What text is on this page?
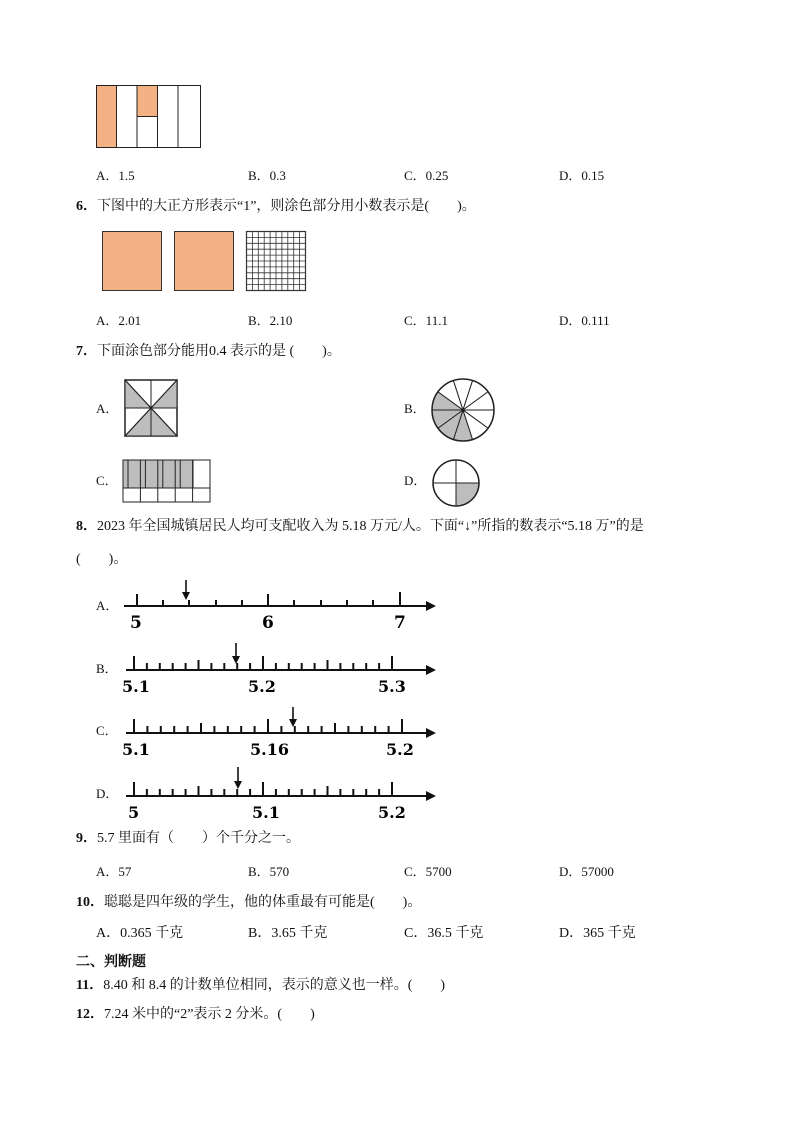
A．1.5	B．0.3	C．0.25	D．0.15
6．下图中的大正方形表示“1”，则涂色部分用小数表示是(　　)。
A．2.01	B．2.10	C．11.1	D．0.111
7．下面涂色部分能用0.4 表示的是 (　　)。
A．	B．
C．	D．
8．2023 年全国城镇居民人均可支配收入为 5.18 万元/人。下面“↓”所指的数表示“5.18 万”的是
(　　)。
A．
5	6	7
B．
5.1	5.2	5.3
C．
5.1	5.16	5.2
D．
5	5.1	5.2
9．5.7 里面有（　　）个千分之一。
A．57	B．570	C．5700	D．57000
10．聪聪是四年级的学生，他的体重最有可能是(　　)。
A．0.365 千克	B．3.65 千克	C．36.5 千克	D．365 千克
二、判断题
11．8.40 和 8.4 的计数单位相同，表示的意义也一样。(　　)
12．7.24 米中的“2”表示 2 分米。(　　)
